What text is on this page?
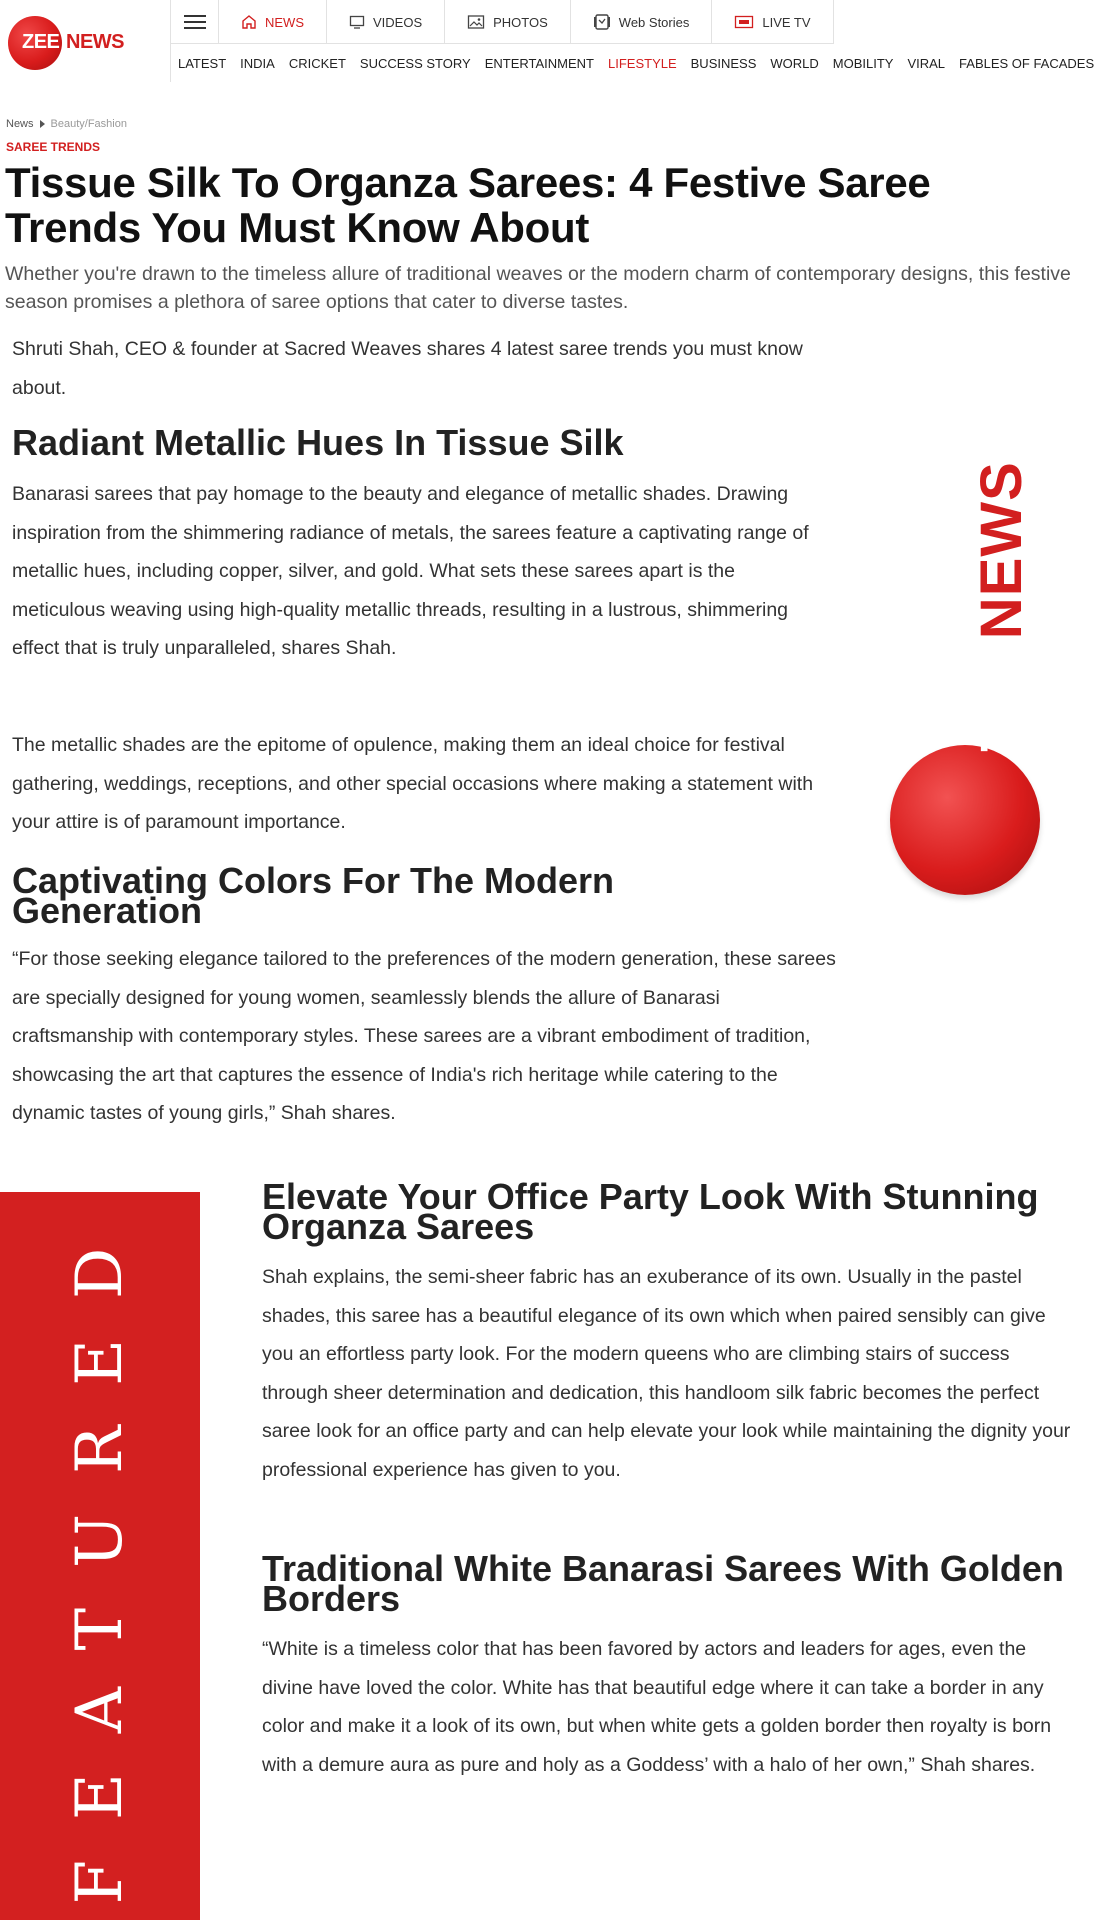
ZEE NEWS
NEWS	VIDEOS	PHOTOS	Web Stories	LIVE TV
LATEST	INDIA	CRICKET	SUCCESS STORY	ENTERTAINMENT	LIFESTYLE	BUSINESS	WORLD	MOBILITY	VIRAL	FABLES OF FACADES
News Beauty/Fashion
SAREE TRENDS
Tissue Silk To Organza Sarees: 4 Festive Saree Trends You Must Know About

Whether you're drawn to the timeless allure of traditional weaves or the modern charm of contemporary designs, this festive season promises a plethora of saree options that cater to diverse tastes.

Shruti Shah, CEO & founder at Sacred Weaves shares 4 latest saree trends you must know about.

Radiant Metallic Hues In Tissue Silk

Banarasi sarees that pay homage to the beauty and elegance of metallic shades. Drawing inspiration from the shimmering radiance of metals, the sarees feature a captivating range of metallic hues, including copper, silver, and gold. What sets these sarees apart is the meticulous weaving using high-quality metallic threads, resulting in a lustrous, shimmering effect that is truly unparalleled, shares Shah.

The metallic shades are the epitome of opulence, making them an ideal choice for festival gathering, weddings, receptions, and other special occasions where making a statement with your attire is of paramount importance.

Captivating Colors For The Modern Generation

“For those seeking elegance tailored to the preferences of the modern generation, these sarees are specially designed for young women, seamlessly blends the allure of Banarasi craftsmanship with contemporary styles. These sarees are a vibrant embodiment of tradition, showcasing the art that captures the essence of India's rich heritage while catering to the dynamic tastes of young girls,” Shah shares.

Elevate Your Office Party Look With Stunning Organza Sarees

Shah explains, the semi-sheer fabric has an exuberance of its own. Usually in the pastel shades, this saree has a beautiful elegance of its own which when paired sensibly can give you an effortless party look. For the modern queens who are climbing stairs of success through sheer determination and dedication, this handloom silk fabric becomes the perfect saree look for an office party and can help elevate your look while maintaining the dignity your professional experience has given to you.

Traditional White Banarasi Sarees With Golden Borders

“White is a timeless color that has been favored by actors and leaders for ages, even the divine have loved the color. White has that beautiful edge where it can take a border in any color and make it a look of its own, but when white gets a golden border then royalty is born with a demure aura as pure and holy as a Goddess’ with a halo of her own,” Shah shares.

ZEENEWS
FEATURED
